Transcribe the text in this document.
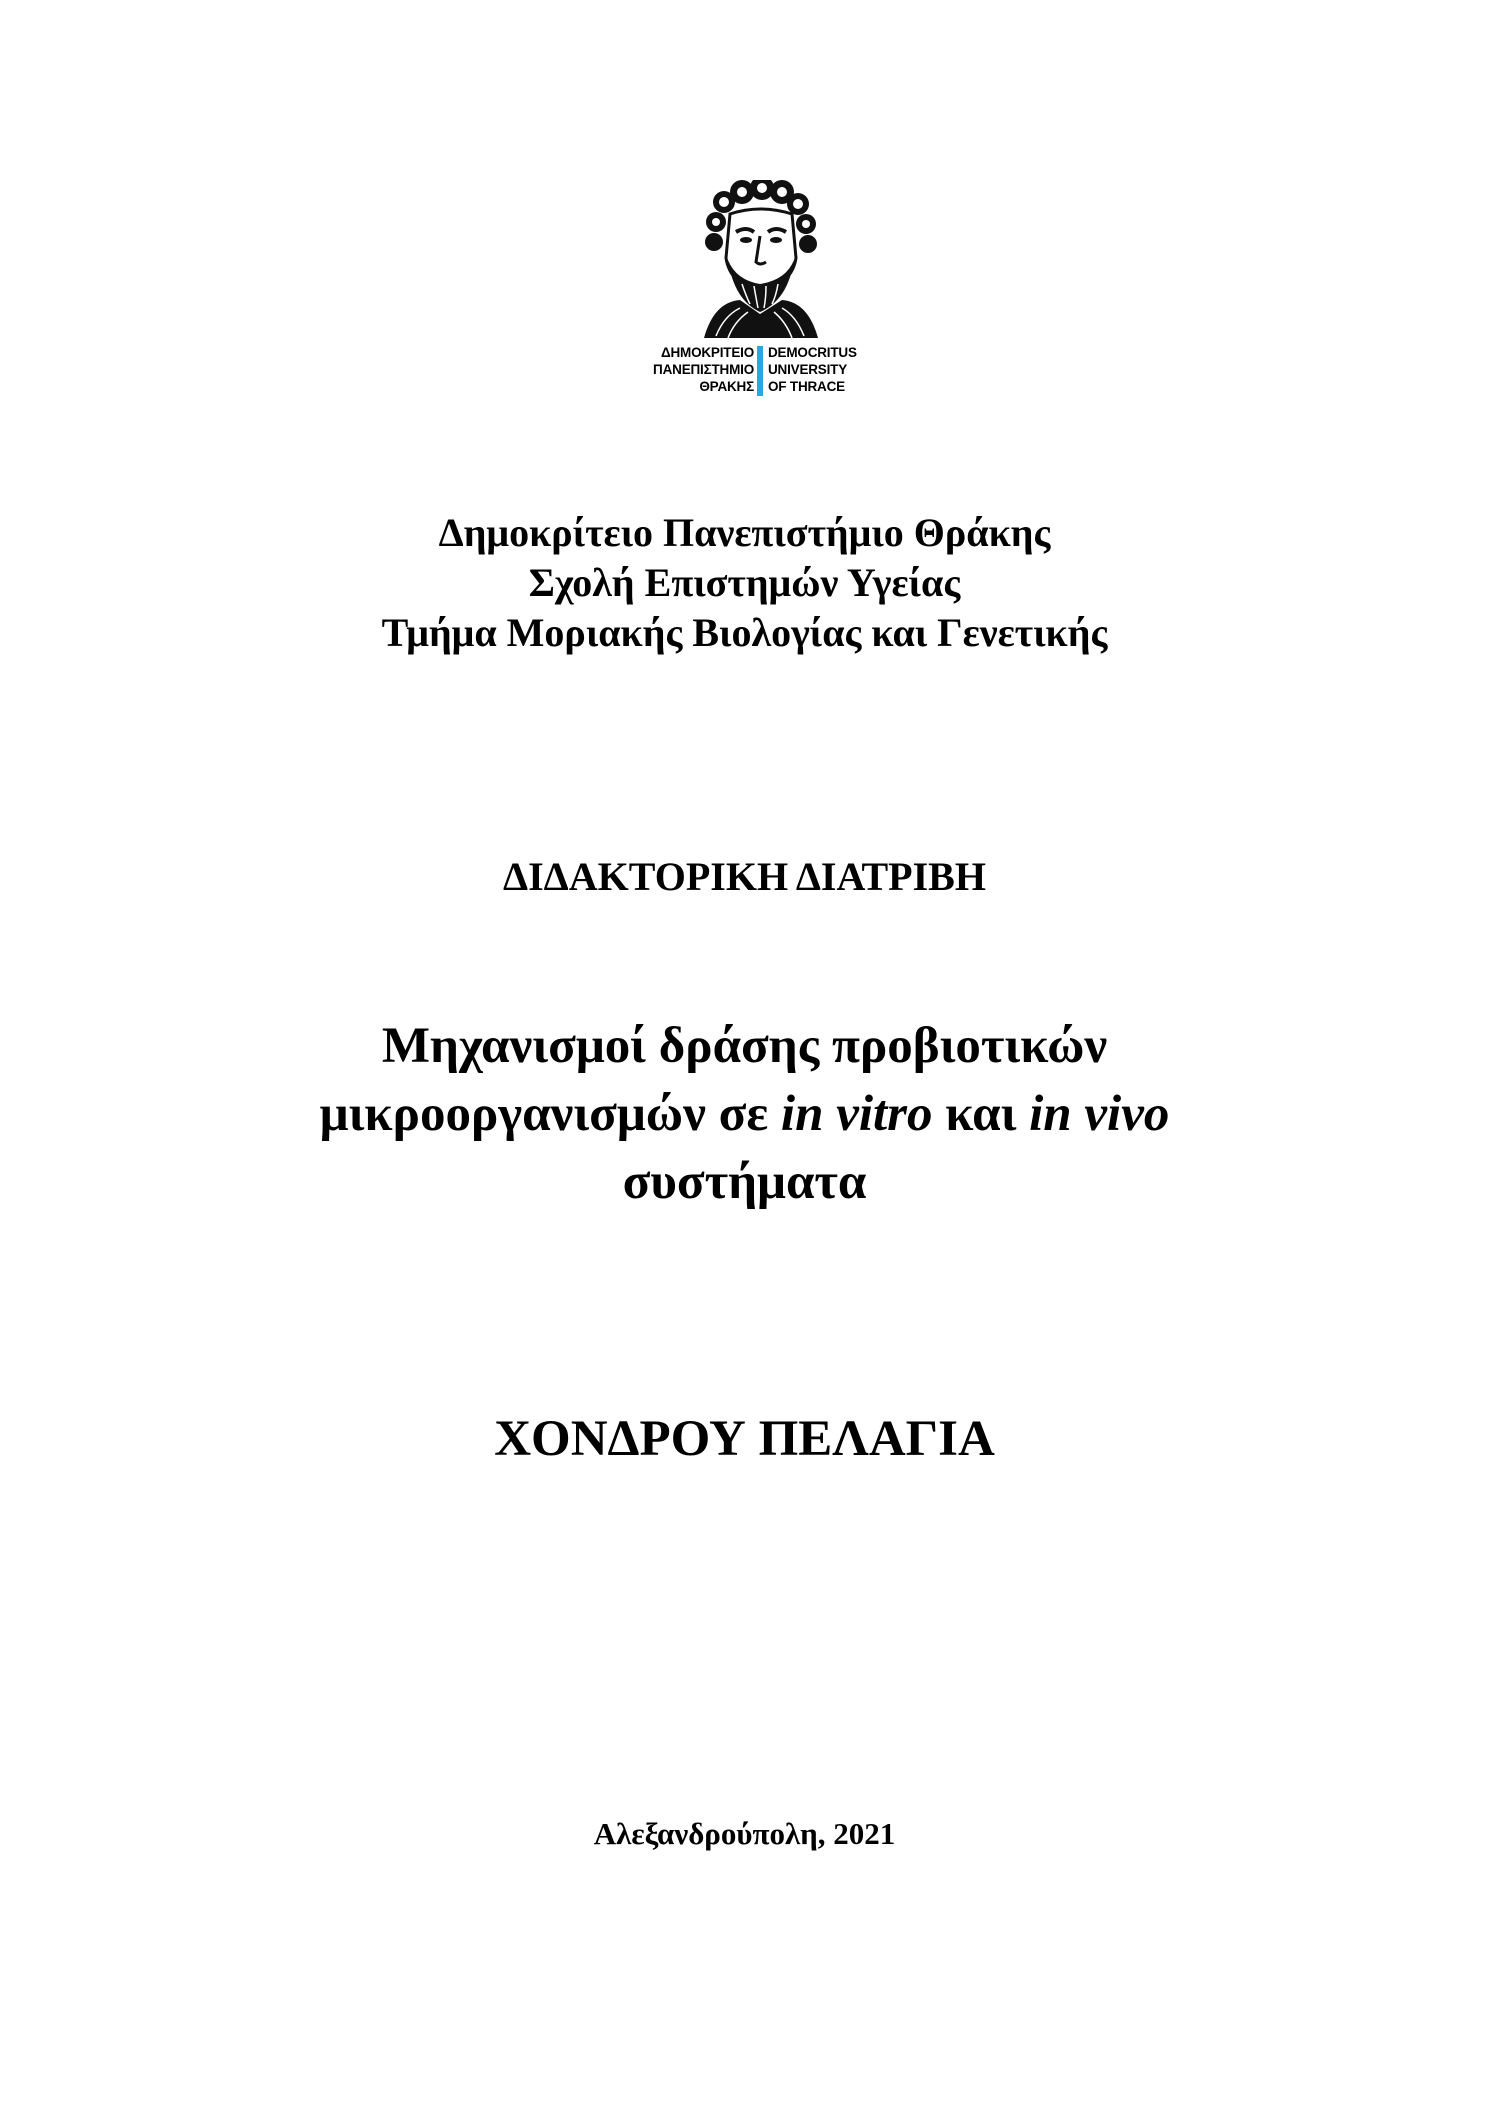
ΔΗΜΟΚΡΙΤΕΙΟ
ΠΑΝΕΠΙΣΤΗΜΙΟ
ΘΡΑΚΗΣ
DEMOCRITUS
UNIVERSITY
OF THRACE
Δημοκρίτειο Πανεπιστήμιο Θράκης
Σχολή Επιστημών Υγείας
Τμήμα Μοριακής Βιολογίας και Γενετικής
ΔΙΔΑΚΤΟΡΙΚΗ ΔΙΑΤΡΙΒΗ
Μηχανισμοί δράσης προβιοτικών
μικροοργανισμών σε in vitro και in vivo
συστήματα
ΧΟΝΔΡΟΥ ΠΕΛΑΓΙΑ
Αλεξανδρούπολη, 2021
